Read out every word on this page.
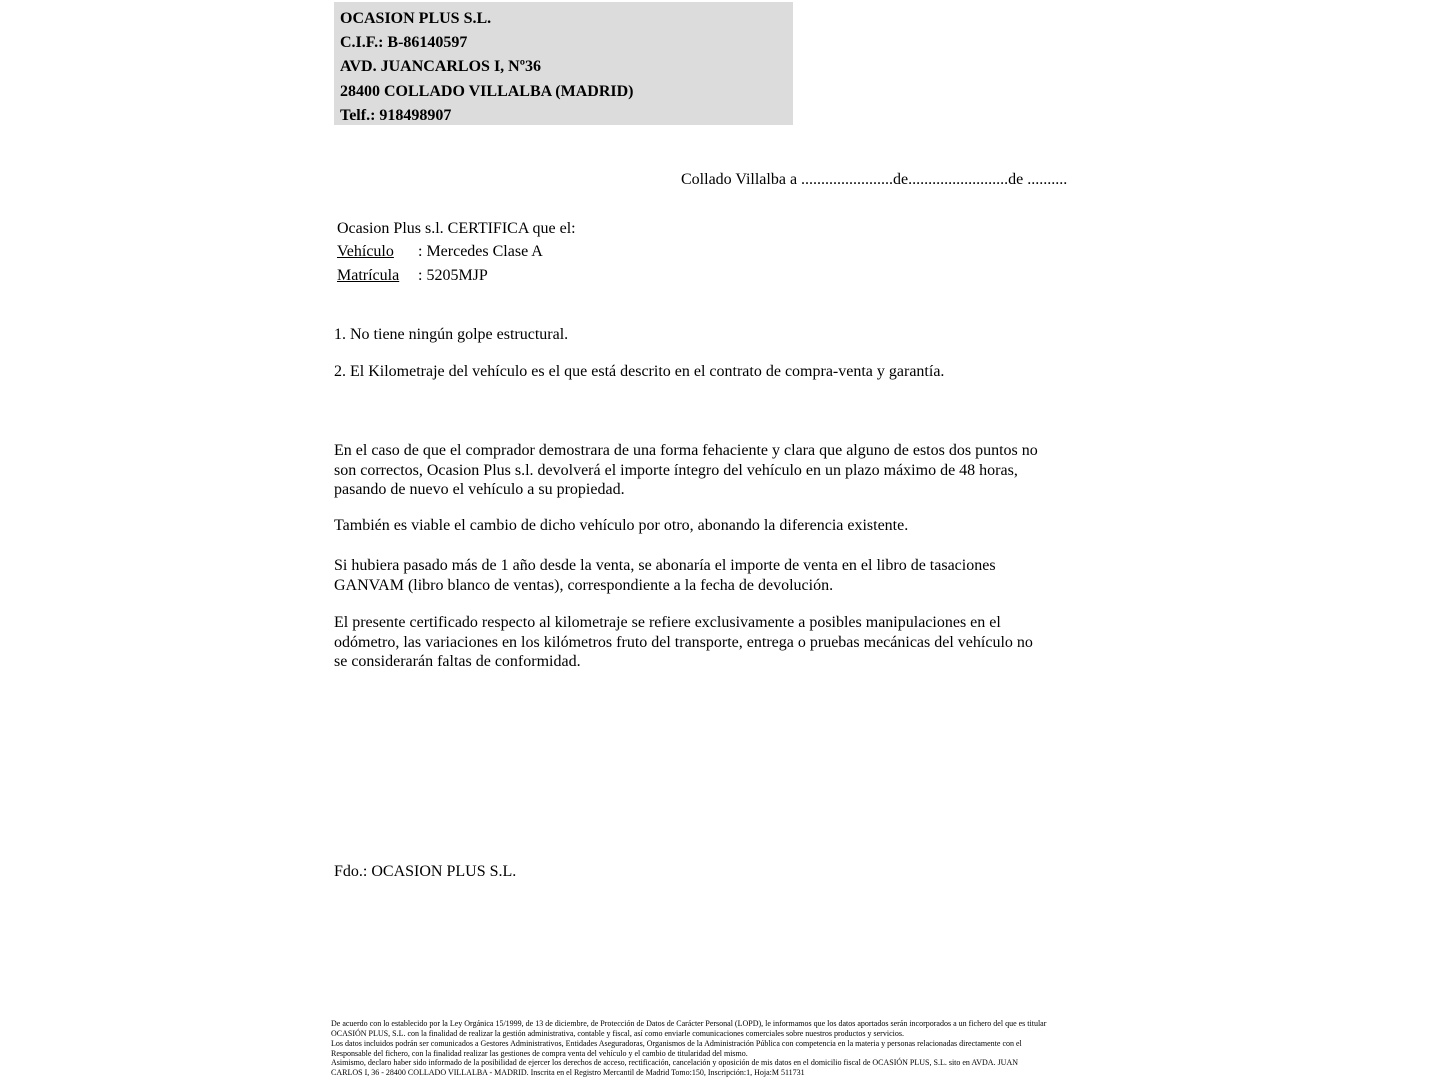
OCASION PLUS S.L.
C.I.F.: B-86140597
AVD. JUANCARLOS I, Nº36
28400 COLLADO VILLALBA (MADRID)
Telf.: 918498907
Collado Villalba a .......................de.........................de ..........
Ocasion Plus s.l. CERTIFICA que el:
Vehículo : Mercedes Clase A
Matrícula : 5205MJP
1. No tiene ningún golpe estructural.
2. El Kilometraje del vehículo es el que está descrito en el contrato de compra-venta y garantía.
En el caso de que el comprador demostrara de una forma fehaciente y clara que alguno de estos dos puntos no
son correctos, Ocasion Plus s.l. devolverá el importe íntegro del vehículo en un plazo máximo de 48 horas,
pasando de nuevo el vehículo a su propiedad.
También es viable el cambio de dicho vehículo por otro, abonando la diferencia existente.
Si hubiera pasado más de 1 año desde la venta, se abonaría el importe de venta en el libro de tasaciones
GANVAM (libro blanco de ventas), correspondiente a la fecha de devolución.
El presente certificado respecto al kilometraje se refiere exclusivamente a posibles manipulaciones en el
odómetro, las variaciones en los kilómetros fruto del transporte, entrega o pruebas mecánicas del vehículo no
se considerarán faltas de conformidad.
Fdo.: OCASION PLUS S.L.
De acuerdo con lo establecido por la Ley Orgánica 15/1999, de 13 de diciembre, de Protección de Datos de Carácter Personal (LOPD), le informamos que los datos aportados serán incorporados a un fichero del que es titular
OCASIÓN PLUS, S.L. con la finalidad de realizar la gestión administrativa, contable y fiscal, así como enviarle comunicaciones comerciales sobre nuestros productos y servicios.
Los datos incluidos podrán ser comunicados a Gestores Administrativos, Entidades Aseguradoras, Organismos de la Administración Pública con competencia en la materia y personas relacionadas directamente con el
Responsable del fichero, con la finalidad realizar las gestiones de compra venta del vehículo y el cambio de titularidad del mismo.
Asimismo, declaro haber sido informado de la posibilidad de ejercer los derechos de acceso, rectificación, cancelación y oposición de mis datos en el domicilio fiscal de OCASIÓN PLUS, S.L. sito en AVDA. JUAN
CARLOS I, 36 - 28400 COLLADO VILLALBA - MADRID. Inscrita en el Registro Mercantil de Madrid Tomo:150, Inscripción:1, Hoja:M 511731
